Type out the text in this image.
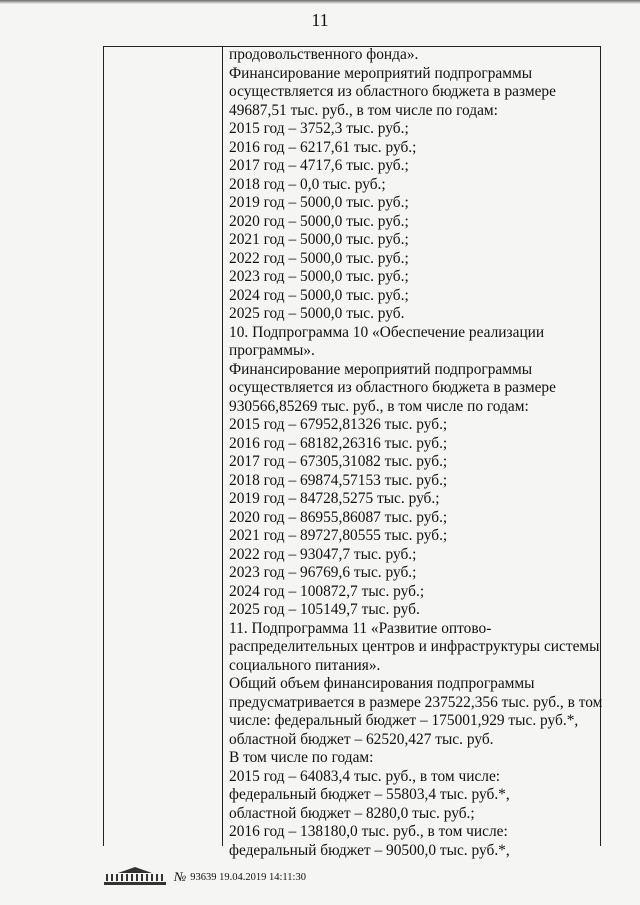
11
продовольственного фонда».
Финансирование мероприятий подпрограммы
осуществляется из областного бюджета в размере
49687,51 тыс. руб., в том числе по годам:
2015 год – 3752,3 тыс. руб.;
2016 год – 6217,61 тыс. руб.;
2017 год – 4717,6 тыс. руб.;
2018 год – 0,0 тыс. руб.;
2019 год – 5000,0 тыс. руб.;
2020 год – 5000,0 тыс. руб.;
2021 год – 5000,0 тыс. руб.;
2022 год – 5000,0 тыс. руб.;
2023 год – 5000,0 тыс. руб.;
2024 год – 5000,0 тыс. руб.;
2025 год – 5000,0 тыс. руб.
10. Подпрограмма 10 «Обеспечение реализации
программы».
Финансирование мероприятий подпрограммы
осуществляется из областного бюджета в размере
930566,85269 тыс. руб., в том числе по годам:
2015 год – 67952,81326 тыс. руб.;
2016 год – 68182,26316 тыс. руб.;
2017 год – 67305,31082 тыс. руб.;
2018 год – 69874,57153 тыс. руб.;
2019 год – 84728,5275 тыс. руб.;
2020 год – 86955,86087 тыс. руб.;
2021 год – 89727,80555 тыс. руб.;
2022 год – 93047,7 тыс. руб.;
2023 год – 96769,6 тыс. руб.;
2024 год – 100872,7 тыс. руб.;
2025 год – 105149,7 тыс. руб.
11. Подпрограмма 11 «Развитие оптово-
распределительных центров и инфраструктуры системы
социального питания».
Общий объем финансирования подпрограммы
предусматривается в размере 237522,356 тыс. руб., в том
числе: федеральный бюджет – 175001,929 тыс. руб.*,
областной бюджет – 62520,427 тыс. руб.
В том числе по годам:
2015 год – 64083,4 тыс. руб., в том числе:
федеральный бюджет – 55803,4 тыс. руб.*,
областной бюджет – 8280,0 тыс. руб.;
2016 год – 138180,0 тыс. руб., в том числе:
федеральный бюджет – 90500,0 тыс. руб.*,
№ 93639 19.04.2019 14:11:30
